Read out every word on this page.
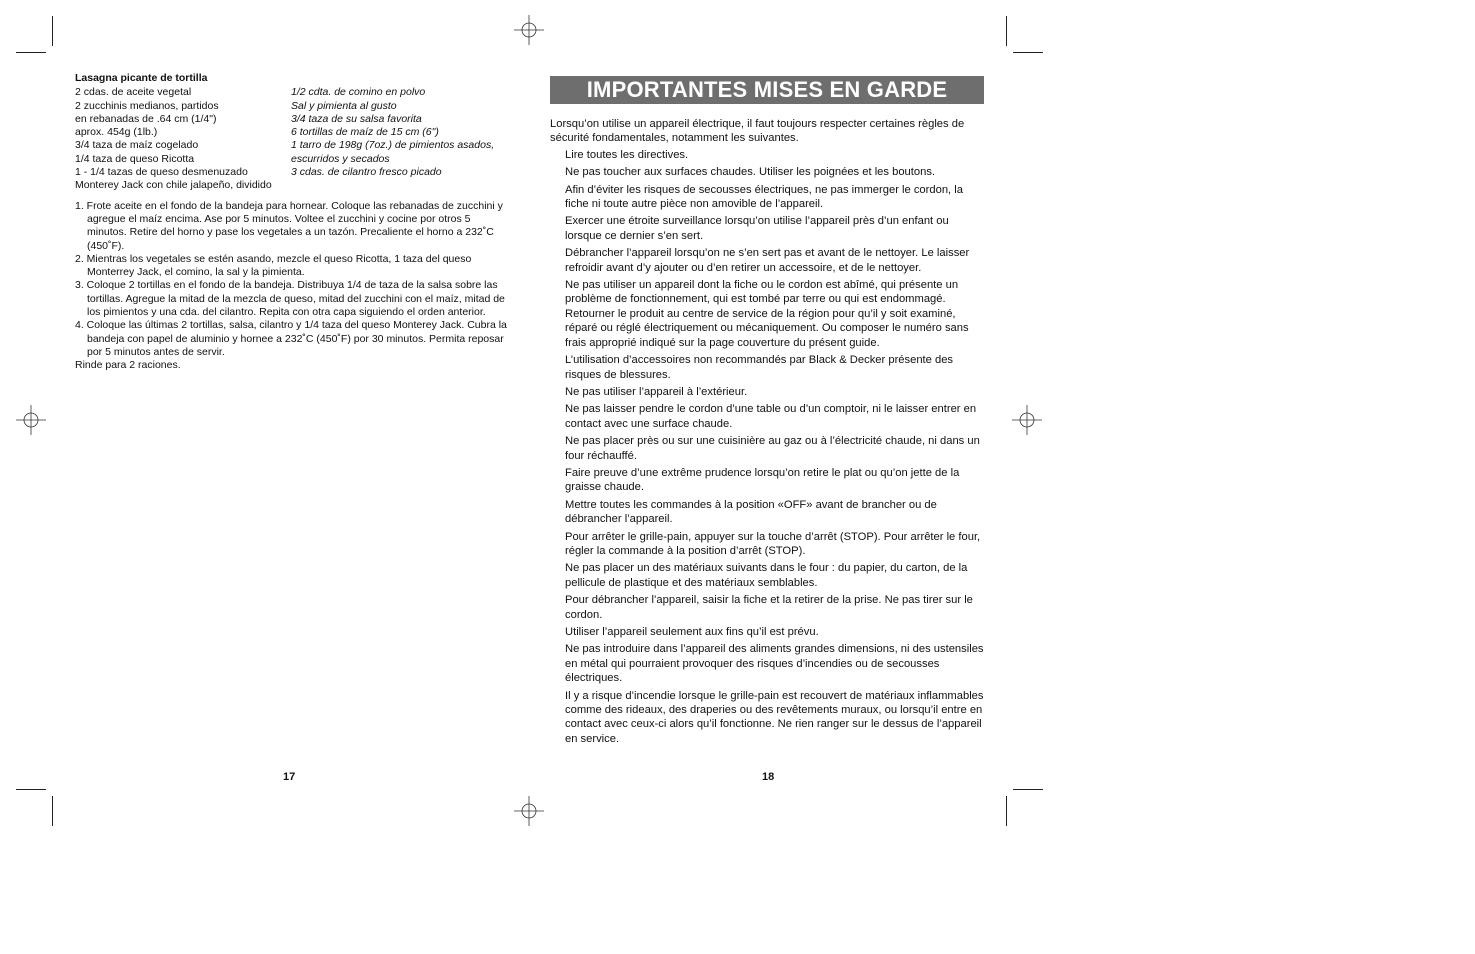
Lasagna picante de tortilla
2 cdas. de aceite vegetal
2 zucchinis medianos, partidos
en rebanadas de .64 cm (1/4")
aprox. 454g (1lb.)
3/4 taza de maíz cogelado
1/4 taza de queso Ricotta
1 - 1/4 tazas de queso desmenuzado
Monterey Jack con chile jalapeño, dividido
1/2 cdta. de comino en polvo
Sal y pimienta al gusto
3/4 taza de su salsa favorita
6 tortillas de maíz de 15 cm (6")
1 tarro de 198g (7oz.) de pimientos asados,
escurridos y secados
3 cdas. de cilantro fresco picado
1. Frote aceite en el fondo de la bandeja para hornear. Coloque las rebanadas de zucchini y agregue el maíz encima. Ase por 5 minutos. Voltee el zucchini y cocine por otros 5 minutos. Retire del horno y pase los vegetales a un tazón. Precaliente el horno a 232˚C (450˚F).
2. Mientras los vegetales se estén asando, mezcle el queso Ricotta, 1 taza del queso Monterrey Jack, el comino, la sal y la pimienta.
3. Coloque 2 tortillas en el fondo de la bandeja. Distribuya 1/4 de taza de la salsa sobre las tortillas. Agregue la mitad de la mezcla de queso, mitad del zucchini con el maíz, mitad de los pimientos y una cda. del cilantro. Repita con otra capa siguiendo el orden anterior.
4. Coloque las últimas 2 tortillas, salsa, cilantro y 1/4 taza del queso Monterey Jack. Cubra la bandeja con papel de aluminio y hornee a 232˚C (450˚F) por 30 minutos. Permita reposar por 5 minutos antes de servir.
Rinde para 2 raciones.
17
IMPORTANTES MISES EN GARDE

Lorsqu’on utilise un appareil électrique, il faut toujours respecter certaines règles de sécurité fondamentales, notamment les suivantes.

Lire toutes les directives.
Ne pas toucher aux surfaces chaudes. Utiliser les poignées et les boutons.
Afin d’éviter les risques de secousses électriques, ne pas immerger le cordon, la fiche ni toute autre pièce non amovible de l’appareil.
Exercer une étroite surveillance lorsqu’on utilise l’appareil près d’un enfant ou lorsque ce dernier s’en sert.
Débrancher l’appareil lorsqu’on ne s’en sert pas et avant de le nettoyer. Le laisser refroidir avant d’y ajouter ou d’en retirer un accessoire, et de le nettoyer.
Ne pas utiliser un appareil dont la fiche ou le cordon est abîmé, qui présente un problème de fonctionnement, qui est tombé par terre ou qui est endommagé. Retourner le produit au centre de service de la région pour qu’il y soit examiné, réparé ou réglé électriquement ou mécaniquement. Ou composer le numéro sans frais approprié indiqué sur la page couverture du présent guide.
L’utilisation d’accessoires non recommandés par Black & Decker présente des risques de blessures.
Ne pas utiliser l’appareil à l’extérieur.
Ne pas laisser pendre le cordon d’une table ou d’un comptoir, ni le laisser entrer en contact avec une surface chaude.
Ne pas placer près ou sur une cuisinière au gaz ou à l’électricité chaude, ni dans un four réchauffé.
Faire preuve d’une extrême prudence lorsqu’on retire le plat ou qu’on jette de la graisse chaude.
Mettre toutes les commandes à la position «OFF» avant de brancher ou de débrancher l’appareil.
Pour arrêter le grille-pain, appuyer sur la touche d’arrêt (STOP). Pour arrêter le four, régler la commande à la position d’arrêt (STOP).
Ne pas placer un des matériaux suivants dans le four : du papier, du carton, de la pellicule de plastique et des matériaux semblables.
Pour débrancher l’appareil, saisir la fiche et la retirer de la prise. Ne pas tirer sur le cordon.
Utiliser l’appareil seulement aux fins qu’il est prévu.
Ne pas introduire dans l’appareil des aliments grandes dimensions, ni des ustensiles en métal qui pourraient provoquer des risques d’incendies ou de secousses électriques.
Il y a risque d’incendie lorsque le grille-pain est recouvert de matériaux inflammables comme des rideaux, des draperies ou des revêtements muraux, ou lorsqu’il entre en contact avec ceux-ci alors qu’il fonctionne. Ne rien ranger sur le dessus de l’appareil en service.
18
